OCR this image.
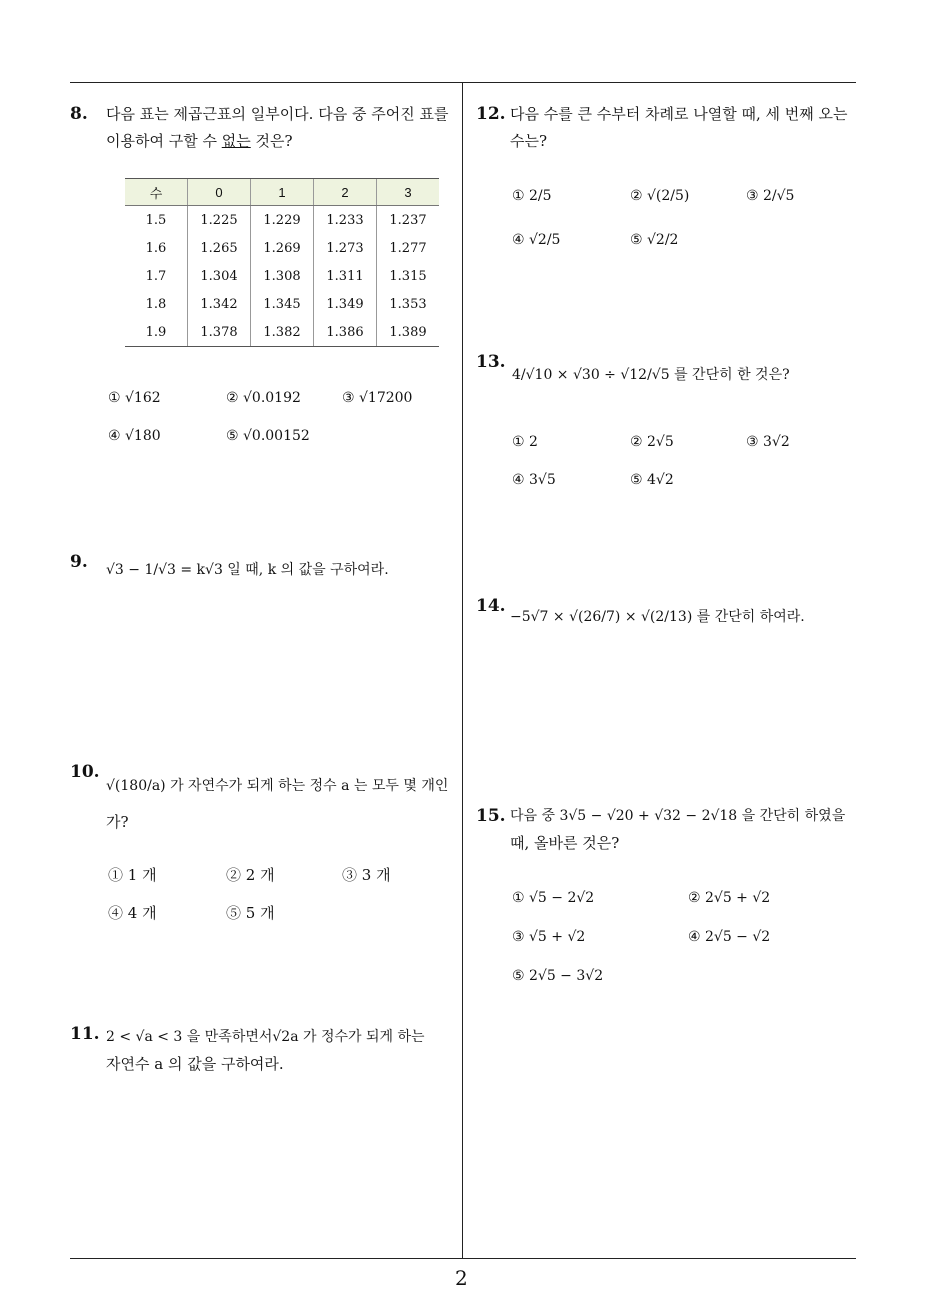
8. 다음 표는 제곱근표의 일부이다. 다음 중 주어진 표를
이용하여 구할 수 없는 것은?
수	0	1	2	3
1.5	1.225	1.229	1.233	1.237
1.6	1.265	1.269	1.273	1.277
1.7	1.304	1.308	1.311	1.315
1.8	1.342	1.345	1.349	1.353
1.9	1.378	1.382	1.386	1.389
① √162	② √0.0192	③ √17200
④ √180	⑤ √0.00152
9. √3 − 1/√3 = k√3 일 때, k 의 값을 구하여라.
10.
√(180/a) 가 자연수가 되게 하는 정수 a 는 모두 몇 개인
가?
① 1 개	② 2 개	③ 3 개
④ 4 개	⑤ 5 개
11. 2 < √a < 3 을 만족하면서√2a 가 정수가 되게 하는
자연수 a 의 값을 구하여라.
12. 다음 수를 큰 수부터 차례로 나열할 때, 세 번째 오는
수는?
① 2/5	② √(2/5)	③ 2/√5
④ √2/5	⑤ √2/2
13.
4/√10 × √30 ÷ √12/√5 를 간단히 한 것은?
① 2	② 2√5	③ 3√2
④ 3√5	⑤ 4√2
14.
−5√7 × √(26/7) × √(2/13) 를 간단히 하여라.
15. 다음 중 3√5 − √20 + √32 − 2√18 을 간단히 하였을
때, 올바른 것은?
① √5 − 2√2	② 2√5 + √2
③ √5 + √2	④ 2√5 − √2
⑤ 2√5 − 3√2
2
